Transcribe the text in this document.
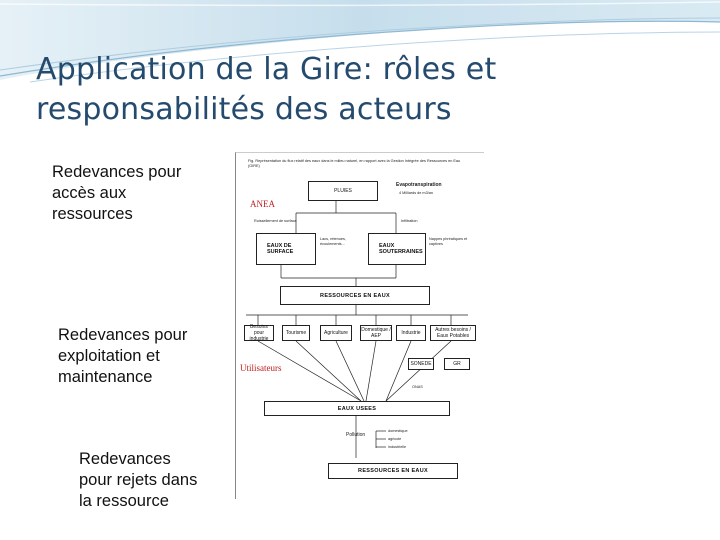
Application de la Gire: rôles et responsabilités des acteurs
Redevances pour accès aux ressources
Redevances pour exploitation et maintenance
Redevances pour rejets dans la ressource
Fig. Représentation du flux relatif des eaux dans le milieu naturel, en rapport avec la Gestion Intégrée des Ressources en Eau (GIRE)
ANEA
Utilisateurs
PLUIES
Evapotranspiration
4 Milliards de m3/an
Ruissellement de surface	Infiltration
EAUX DE SURFACE
EAUX SOUTERRAINES
Lacs, retenues, écoulements...
Nappes phréatiques et captives
RESSOURCES EN EAUX
Besoins pour industrie
Tourisme	Agriculture	Domestique / AEP	Industrie	Autres besoins / Eaux Potables
SONEDE	GR
ONAS
EAUX USEES
Pollution
domestique
agricole
industrielle
RESSOURCES EN EAUX
